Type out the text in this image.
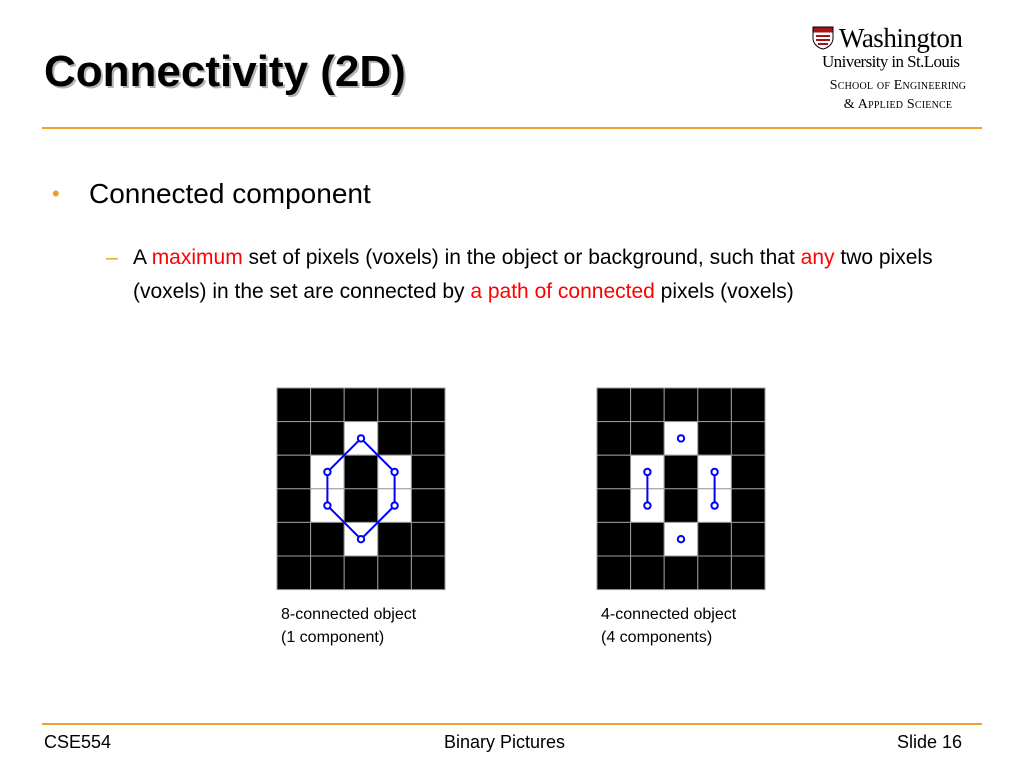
Connectivity (2D)
Washington
University in St.Louis
School of Engineering
& Applied Science
• Connected component
– A maximum set of pixels (voxels) in the object or background, such that any two pixels (voxels) in the set are connected by a path of connected pixels (voxels)
8-connected object
(1 component)
4-connected object
(4 components)
CSE554	Binary Pictures	Slide 16
